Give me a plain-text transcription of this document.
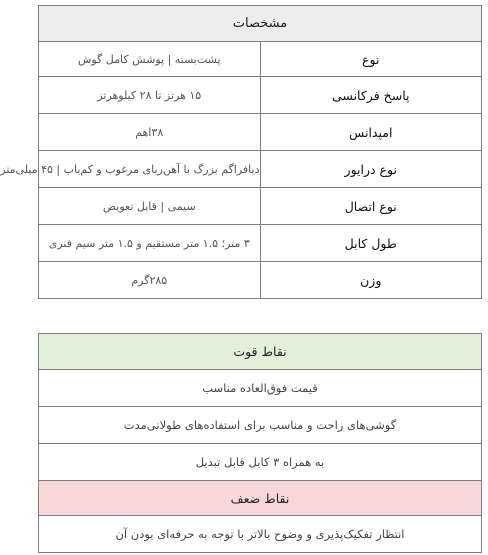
مشخصات	
نوع	پشت‌بسته | پوشش کامل گوش
پاسخ فرکانسی	۱۵ هرتز تا ۲۸ کیلوهرتز
امپدانس	۳۸اهم
نوع درایور	دیافراگم بزرگ با آهن‌ربای مرغوب و کم‌یاب | ۴۵ میلی‌متر
نوع اتصال	سیمی | قابل تعویض
طول کابل	۳ متر؛ ۱.۵ متر مستقیم و ۱.۵ متر سیم فنری
وزن	۲۸۵گرم
نقاط قوت
قیمت فوق‌العاده مناسب
گوشی‌های راحت و مناسب برای استفاده‌های طولانی‌مدت
به همراه ۳ کابل قابل تبدیل
نقاط ضعف
انتظار تفکیک‌پذیری و وضوح بالاتر با توجه به حرفه‌ای بودن آن
